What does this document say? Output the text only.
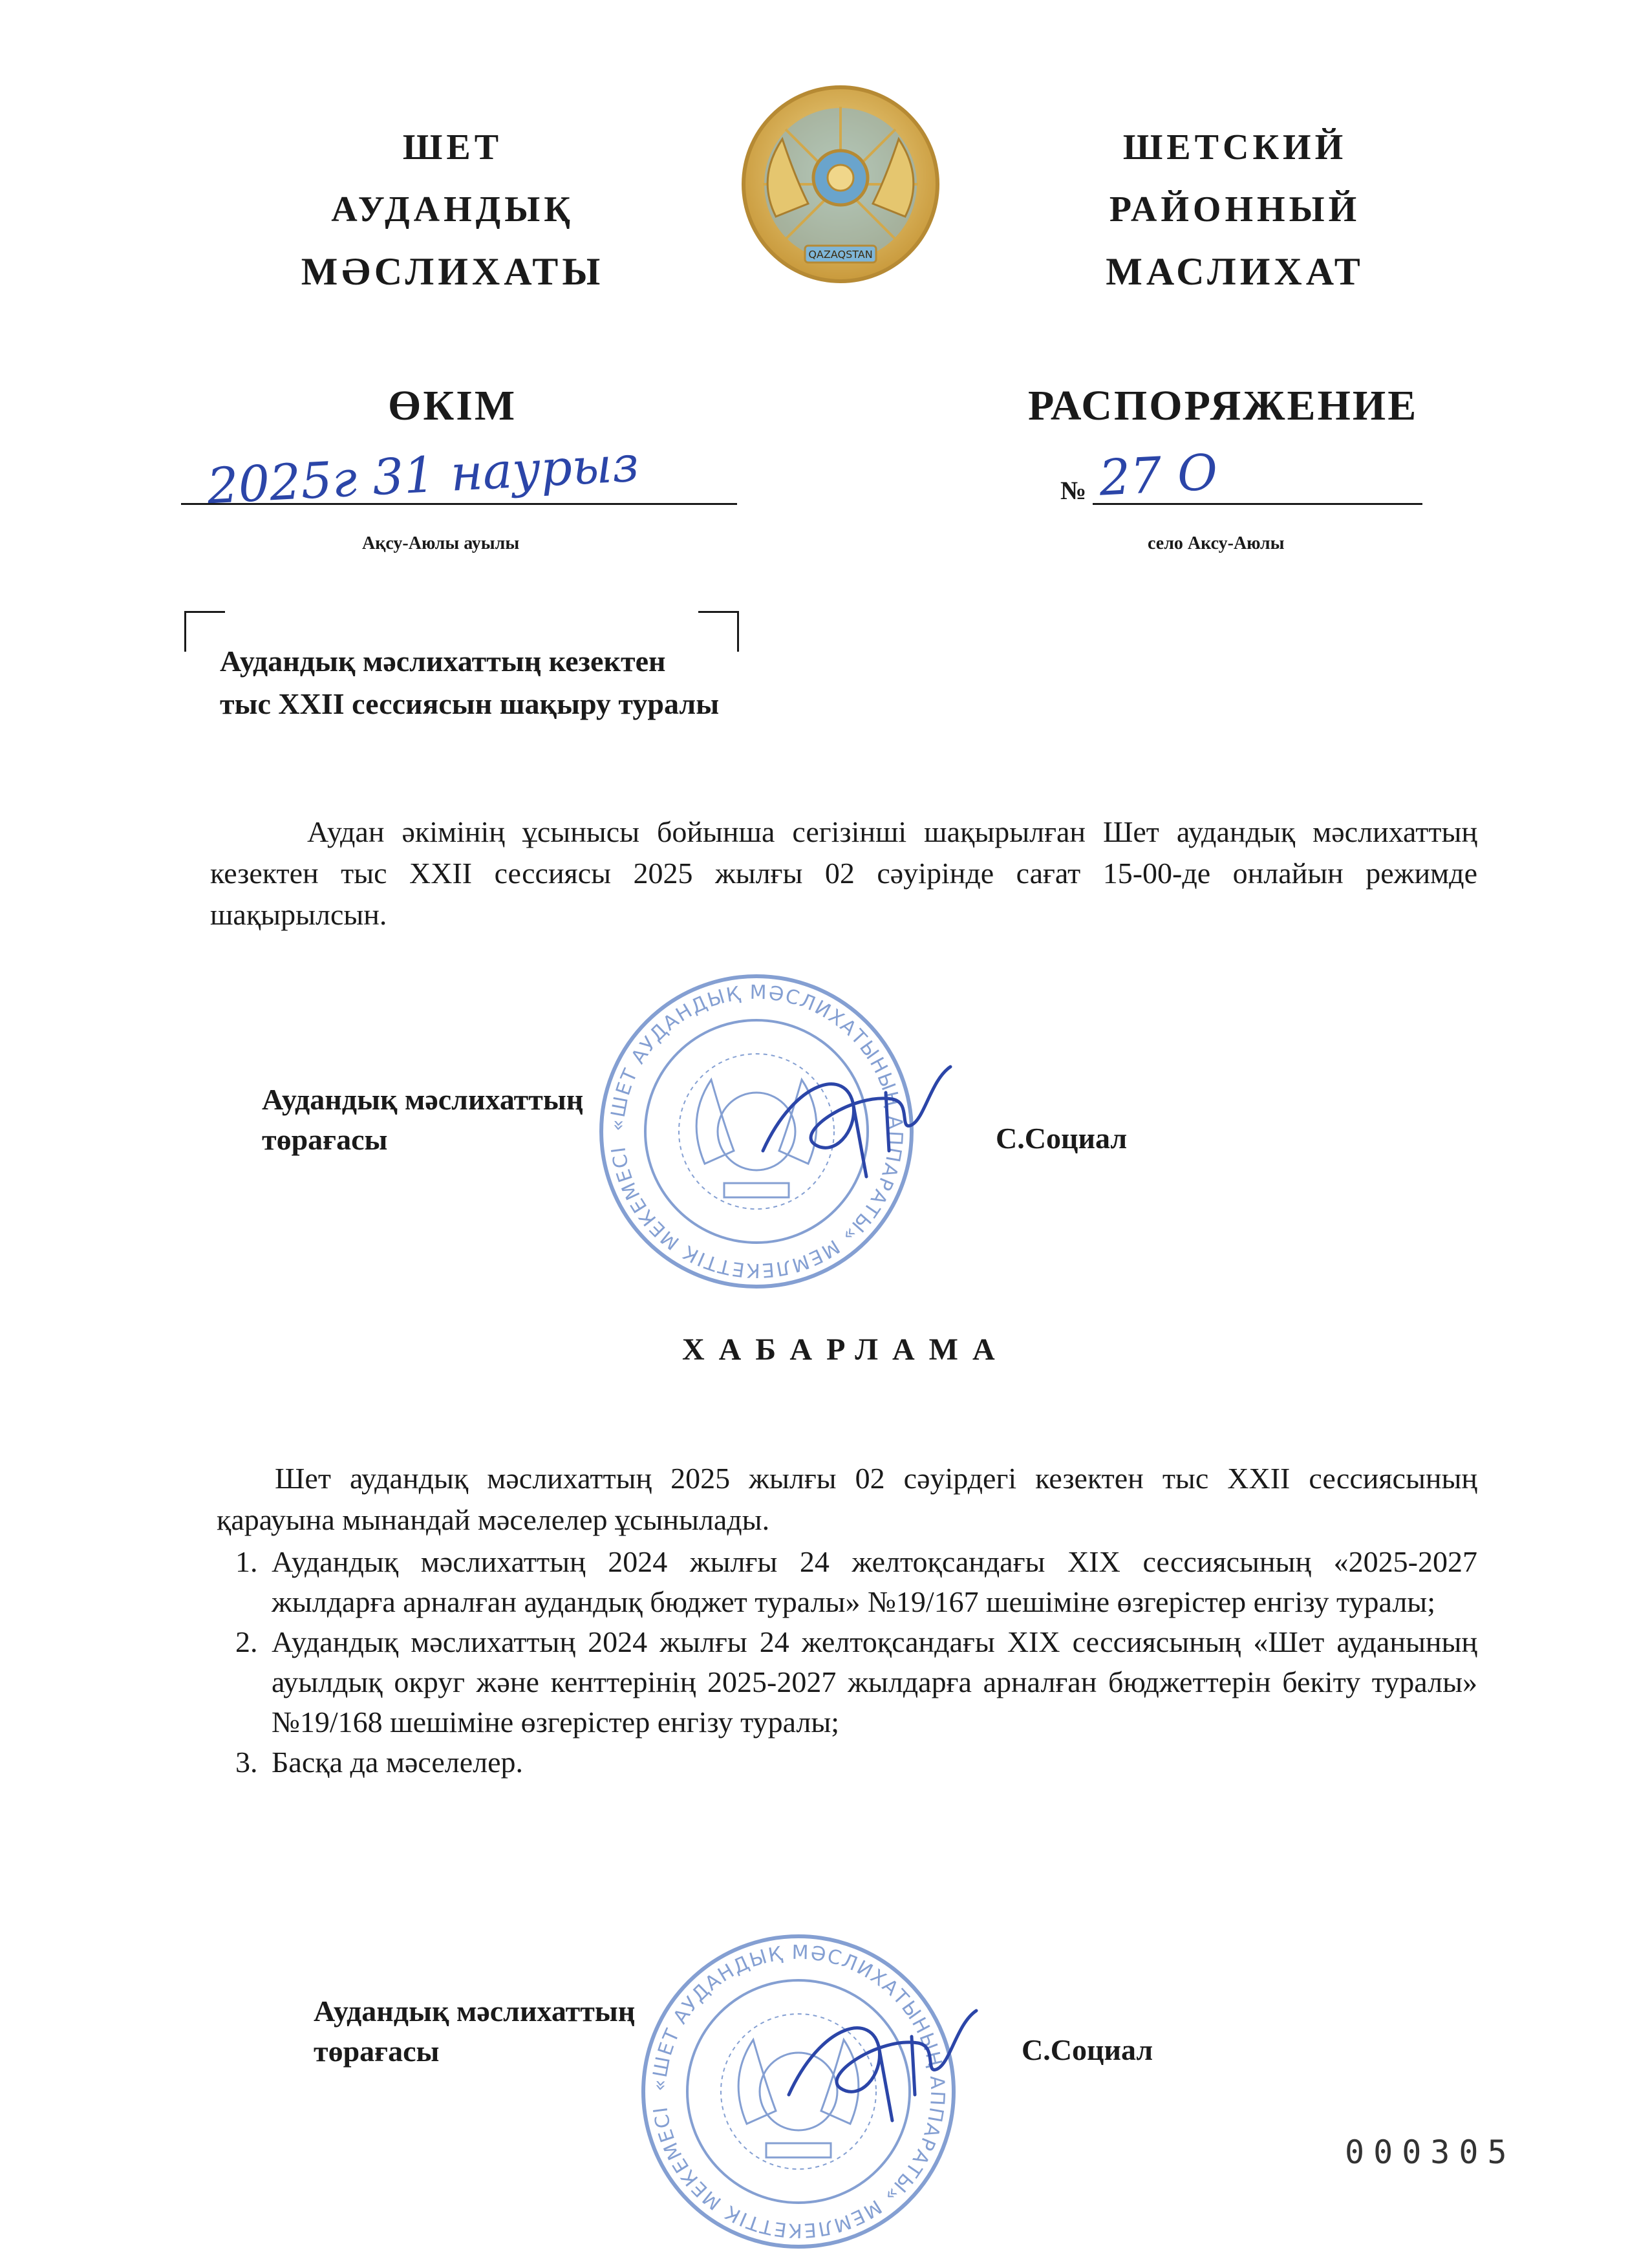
ШЕТ
АУДАНДЫҚ
МӘСЛИХАТЫ	QAZAQSTAN
ШЕТСКИЙ
РАЙОННЫЙ
МАСЛИХАТ
ӨКІМ	РАСПОРЯЖЕНИЕ
2025г 31 наурыз	№ 27 О
Ақсу-Аюлы ауылы	село Аксу-Аюлы
Аудандық мәслихаттың кезектен
тыс ХХII сессиясын шақыру туралы
Аудан әкімінің ұсынысы бойынша сегізінші шақырылған Шет аудандық мәслихаттың кезектен тыс ХХII сессиясы 2025 жылғы 02 сәуірінде сағат 15-00-де онлайын режимде шақырылсын.
«ШЕТ АУДАНДЫҚ МӘСЛИХАТЫНЫҢ АППАРАТЫ» МЕМЛЕКЕТТІК МЕКЕМЕСІ
Аудандық мәслихаттың
төрағасы	С.Социал
ХАБАРЛАМА
Шет аудандық мәслихаттың 2025 жылғы 02 сәуірдегі кезектен тыс ХХII сессиясының қарауына мынандай мәселелер ұсынылады.
1. Аудандық мәслихаттың 2024 жылғы 24 желтоқсандағы ХIХ сессиясының «2025-2027 жылдарға арналған аудандық бюджет туралы» №19/167 шешіміне өзгерістер енгізу туралы;
2. Аудандық мәслихаттың 2024 жылғы 24 желтоқсандағы ХIХ сессиясының «Шет ауданының ауылдық округ және кенттерінің 2025-2027 жылдарға арналған бюджеттерін бекіту туралы» №19/168 шешіміне өзгерістер енгізу туралы;
3. Басқа да мәселелер.
«ШЕТ АУДАНДЫҚ МӘСЛИХАТЫНЫҢ АППАРАТЫ» МЕМЛЕКЕТТІК МЕКЕМЕСІ
Аудандық мәслихаттың
төрағасы	С.Социал
000305
